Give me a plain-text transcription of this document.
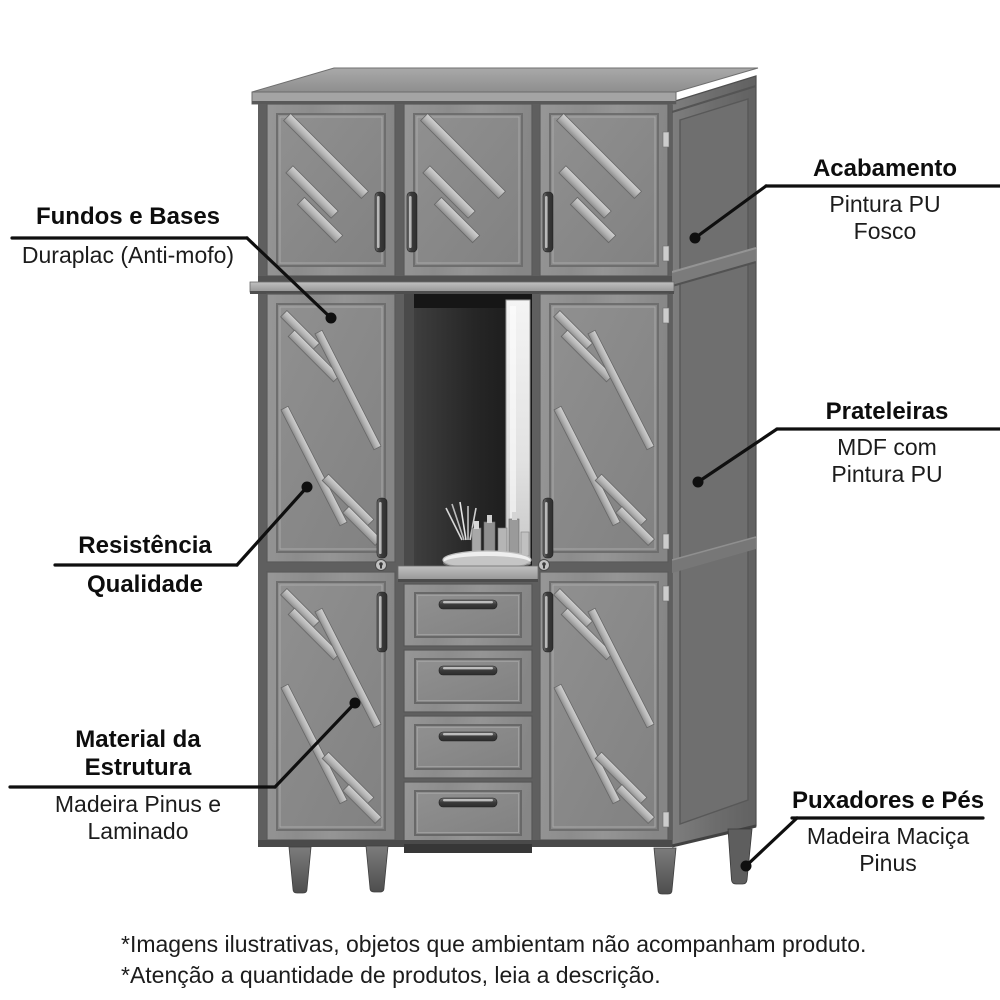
Fundos e Bases
Duraplac (Anti-mofo)
Acabamento
Pintura PU
Fosco
Prateleiras
MDF com
Pintura PU
Resistência
Qualidade
Material da
Estrutura
Madeira Pinus e
Laminado
Puxadores e Pés
Madeira Maciça
Pinus
*Imagens ilustrativas, objetos que ambientam não acompanham produto.
*Atenção a quantidade de produtos, leia a descrição.
